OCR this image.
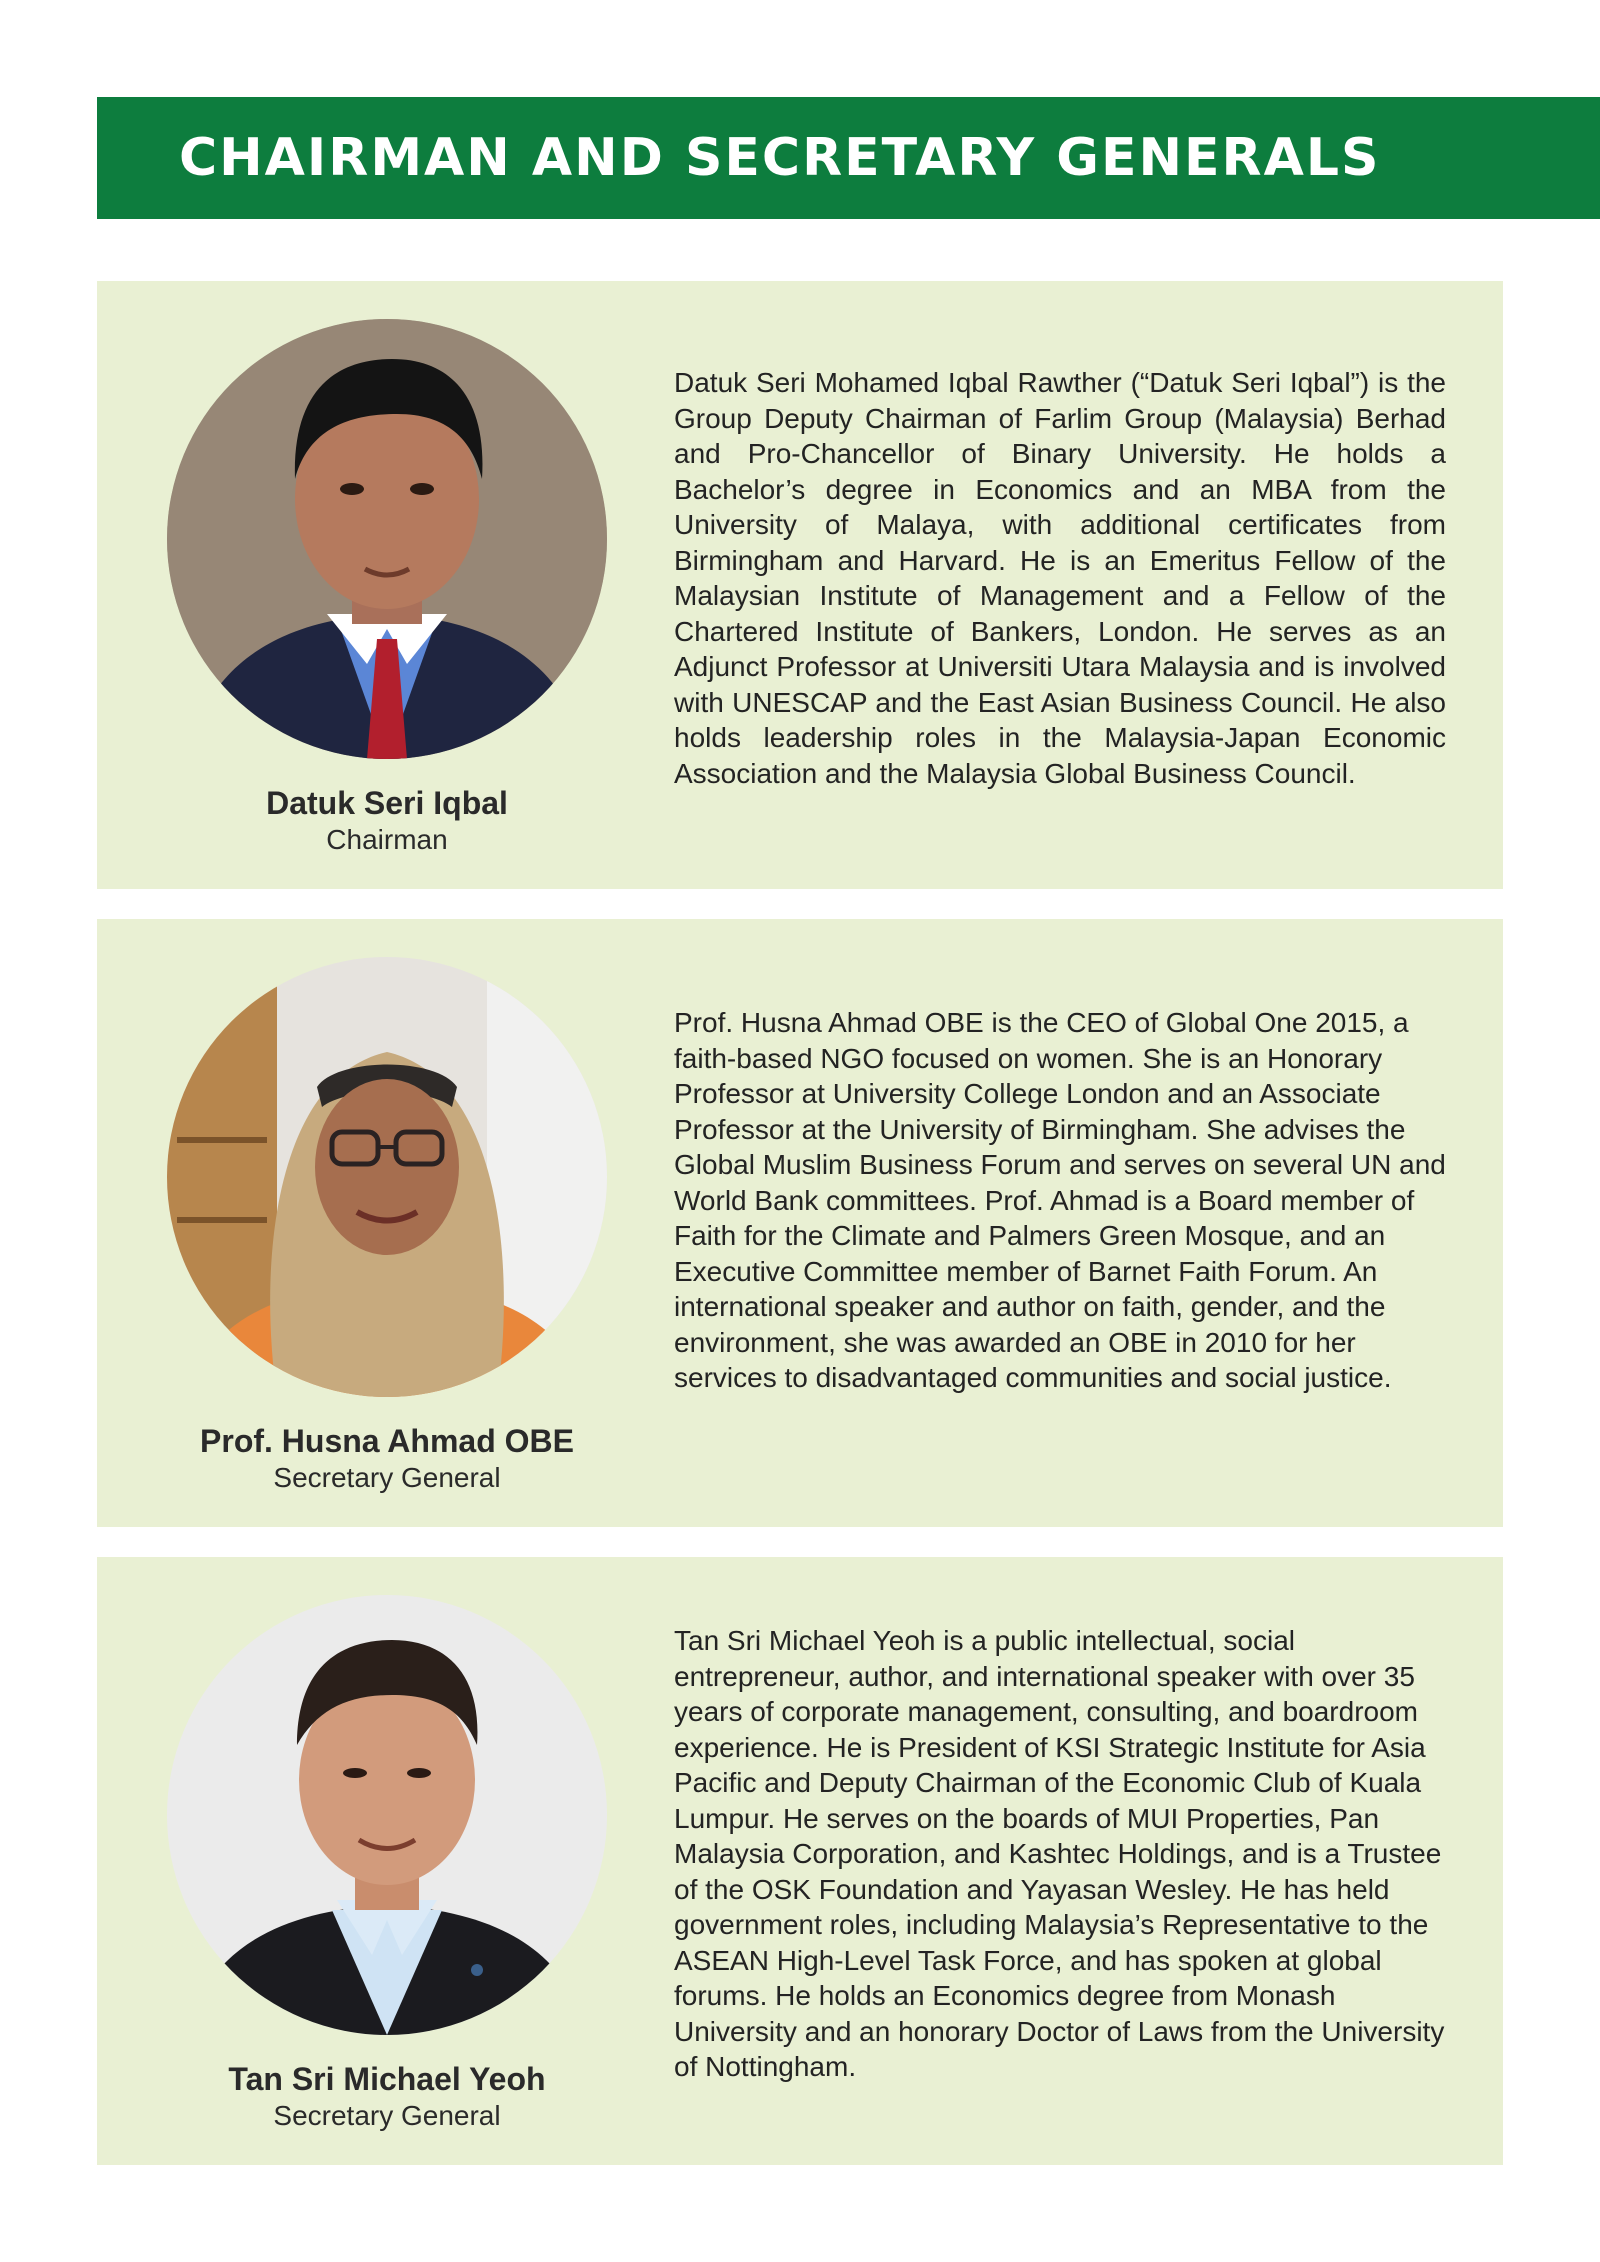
CHAIRMAN AND SECRETARY GENERALS
Datuk Seri Iqbal
Chairman

Datuk Seri Mohamed Iqbal Rawther (“Datuk Seri Iqbal”) is the Group Deputy Chairman of Farlim Group (Malaysia) Berhad and Pro-Chancellor of Binary University. He holds a Bachelor’s degree in Economics and an MBA from the University of Malaya, with additional certificates from Birmingham and Harvard. He is an Emeritus Fellow of the Malaysian Institute of Management and a Fellow of the Chartered Institute of Bankers, London. He serves as an Adjunct Professor at Universiti Utara Malaysia and is involved with UNESCAP and the East Asian Business Council. He also holds leadership roles in the Malaysia-Japan Economic Association and the Malaysia Global Business Council.

Prof. Husna Ahmad OBE
Secretary General

Prof. Husna Ahmad OBE is the CEO of Global One 2015, a faith-based NGO focused on women. She is an Honorary Professor at University College London and an Associate Professor at the University of Birmingham. She advises the Global Muslim Business Forum and serves on several UN and World Bank committees. Prof. Ahmad is a Board member of Faith for the Climate and Palmers Green Mosque, and an Executive Committee member of Barnet Faith Forum. An international speaker and author on faith, gender, and the environment, she was awarded an OBE in 2010 for her services to disadvantaged communities and social justice.

Tan Sri Michael Yeoh
Secretary General

Tan Sri Michael Yeoh is a public intellectual, social entrepreneur, author, and international speaker with over 35 years of corporate management, consulting, and boardroom experience. He is President of KSI Strategic Institute for Asia Pacific and Deputy Chairman of the Economic Club of Kuala Lumpur. He serves on the boards of MUI Properties, Pan Malaysia Corporation, and Kashtec Holdings, and is a Trustee of the OSK Foundation and Yayasan Wesley. He has held government roles, including Malaysia’s Representative to the ASEAN High-Level Task Force, and has spoken at global forums. He holds an Economics degree from Monash University and an honorary Doctor of Laws from the University of Nottingham.
